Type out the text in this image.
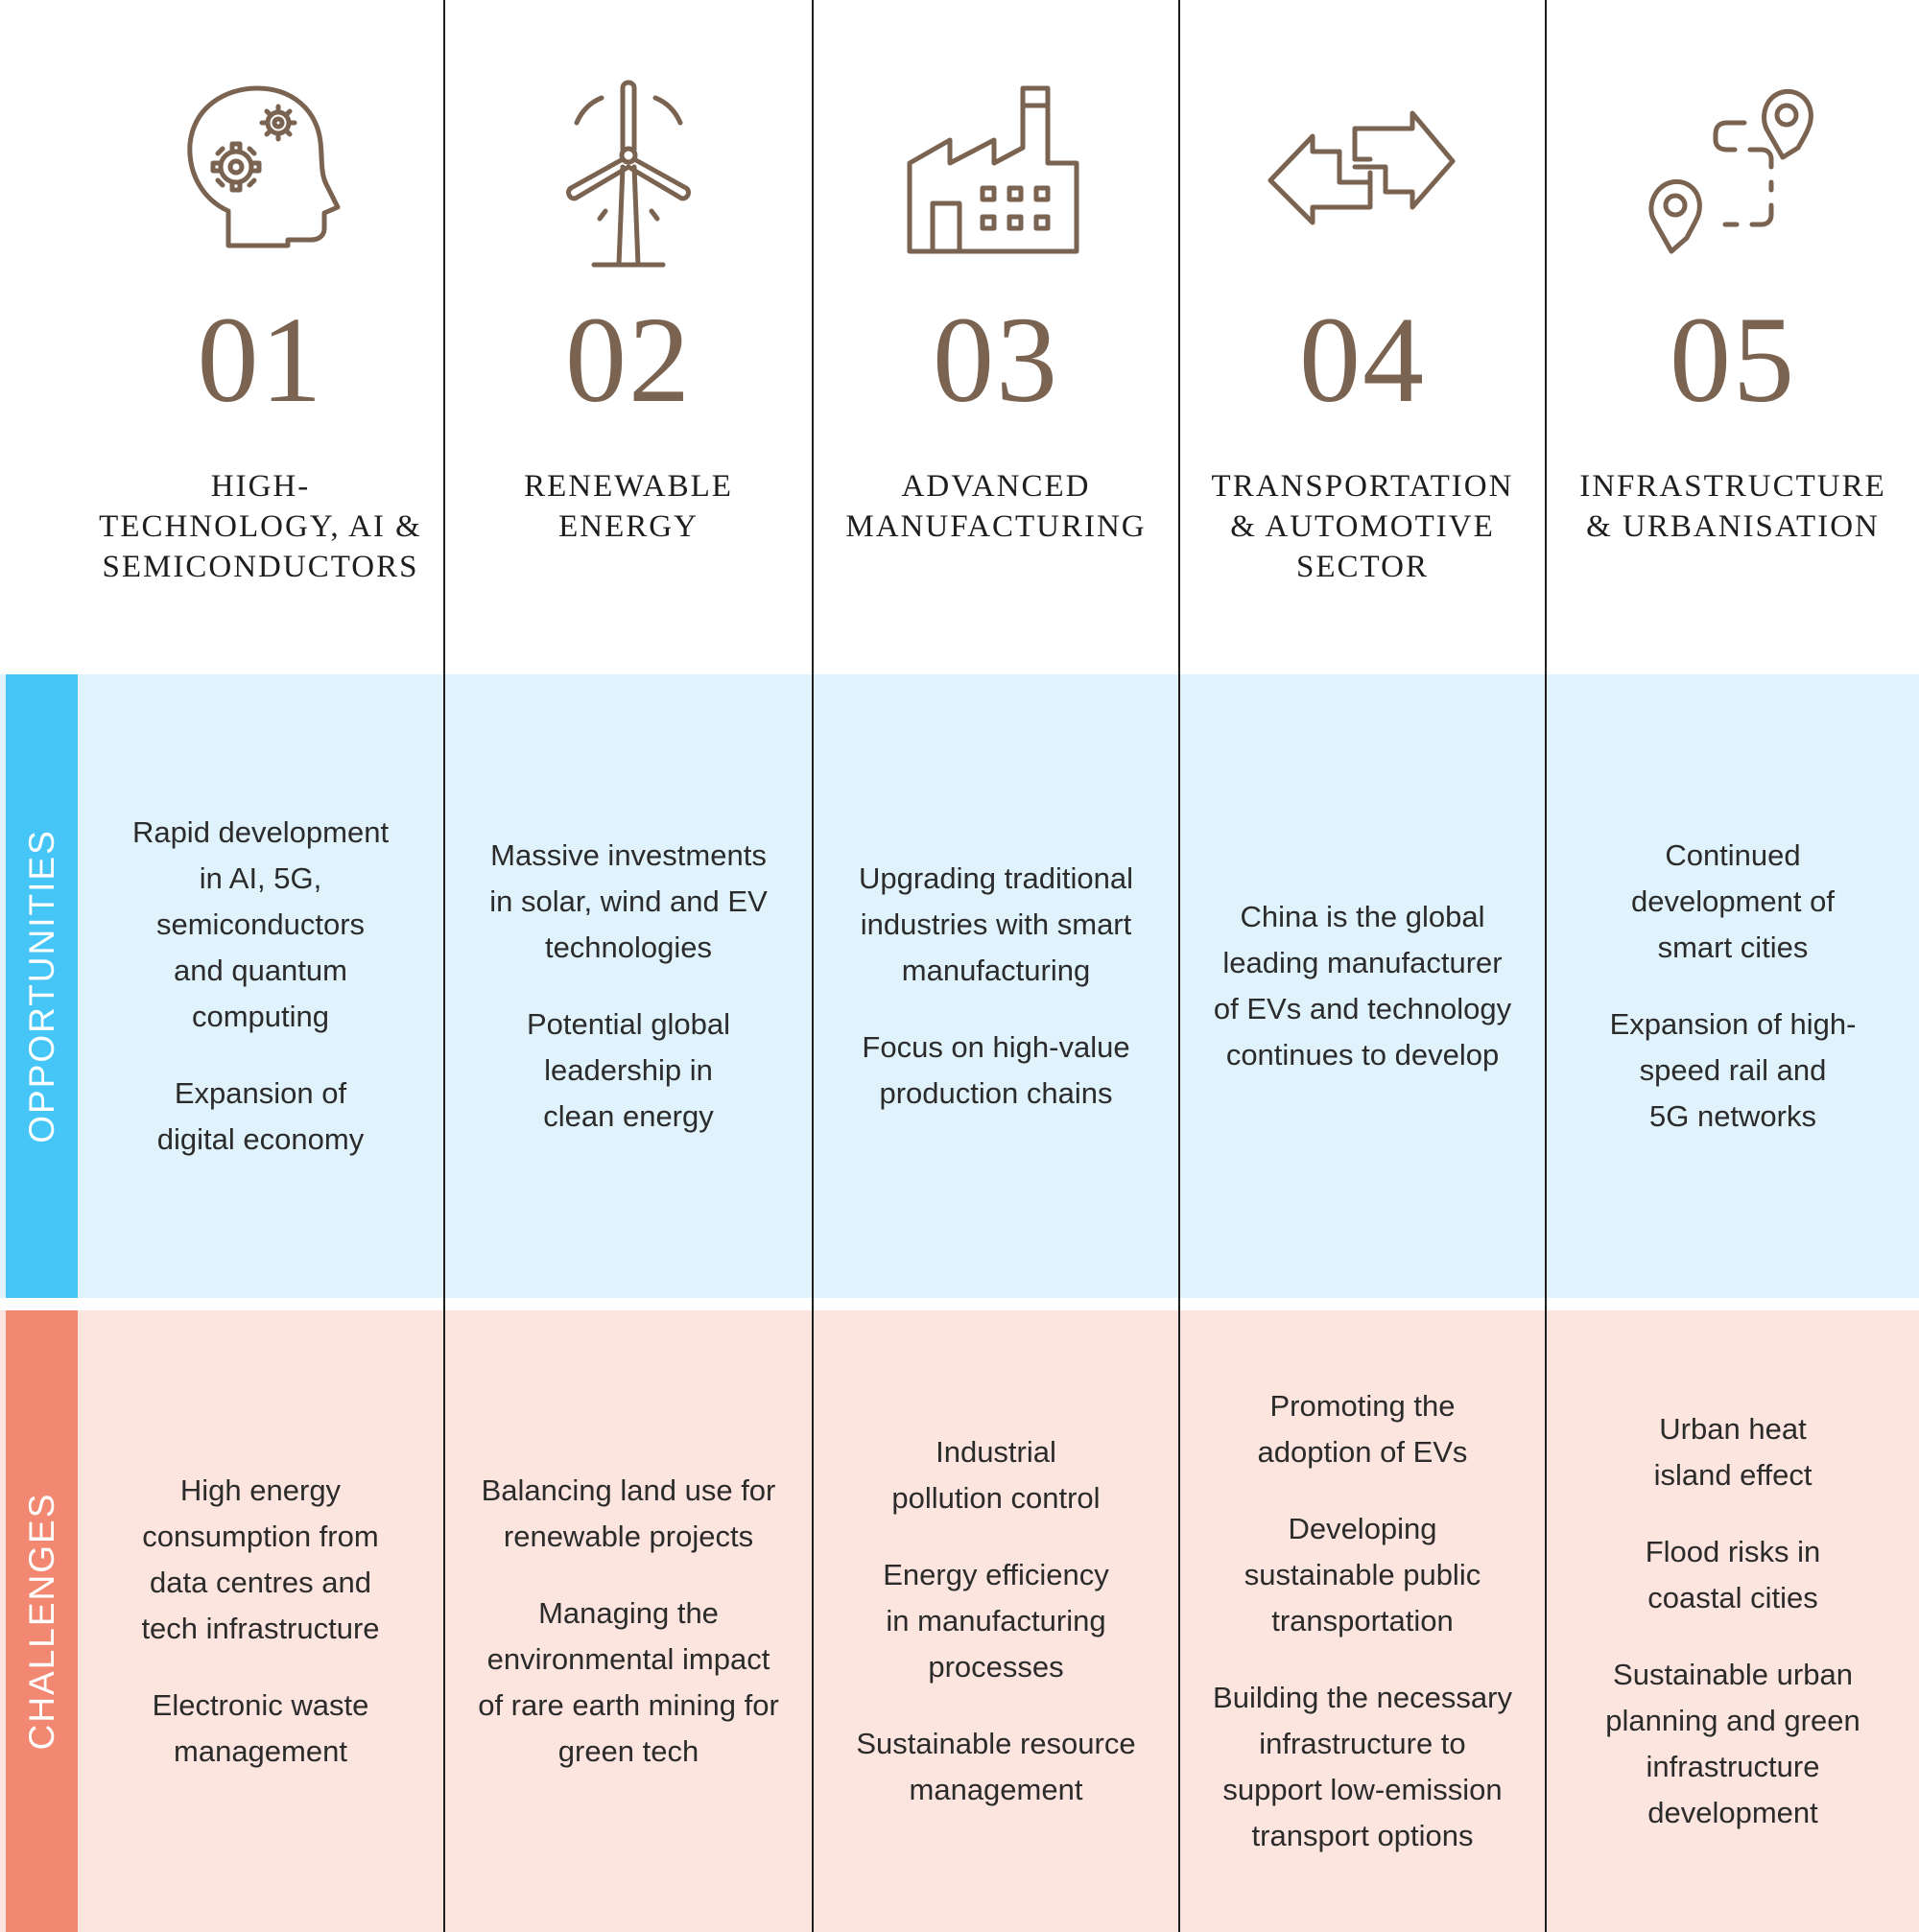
OPPORTUNITIES
CHALLENGES
01
HIGH-
TECHNOLOGY, AI &
SEMICONDUCTORS
Rapid development
in AI, 5G,
semiconductors
and quantum
computing
Expansion of
digital economy
High energy
consumption from
data centres and
tech infrastructure
Electronic waste
management
02
RENEWABLE
ENERGY
Massive investments
in solar, wind and EV
technologies
Potential global
leadership in
clean energy
Balancing land use for
renewable projects
Managing the
environmental impact
of rare earth mining for
green tech
03
ADVANCED
MANUFACTURING
Upgrading traditional
industries with smart
manufacturing
Focus on high-value
production chains
Industrial
pollution control
Energy efficiency
in manufacturing
processes
Sustainable resource
management
04
TRANSPORTATION
& AUTOMOTIVE
SECTOR
China is the global
leading manufacturer
of EVs and technology
continues to develop
Promoting the
adoption of EVs
Developing
sustainable public
transportation
Building the necessary
infrastructure to
support low-emission
transport options
05
INFRASTRUCTURE
& URBANISATION
Continued
development of
smart cities
Expansion of high-
speed rail and
5G networks
Urban heat
island effect
Flood risks in
coastal cities
Sustainable urban
planning and green
infrastructure
development
